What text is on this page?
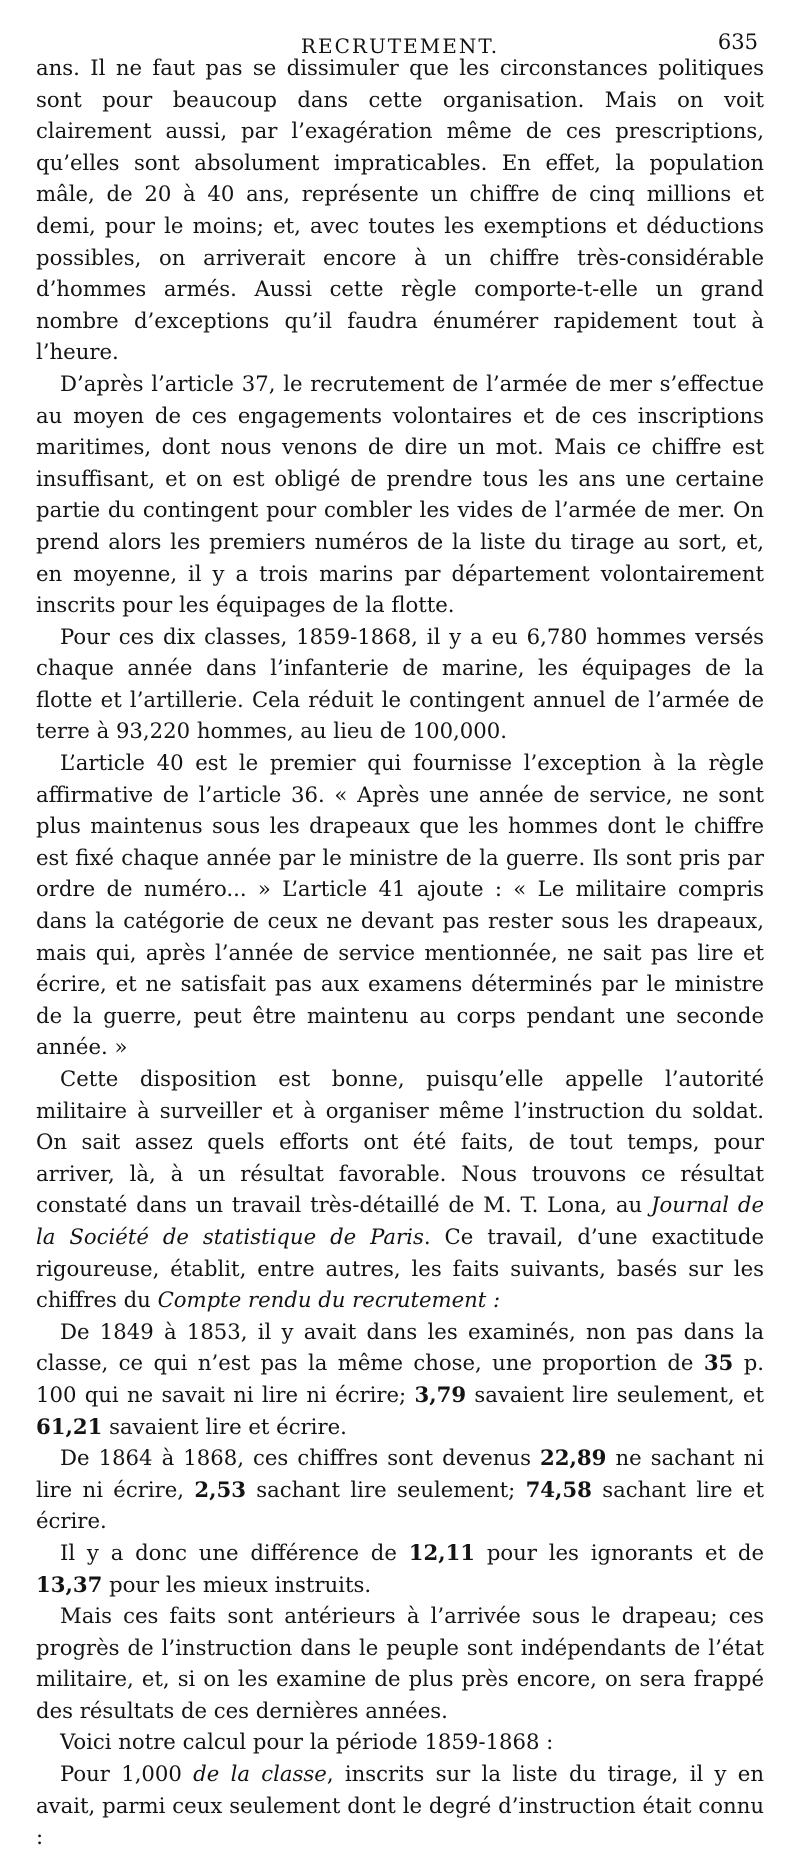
RECRUTEMENT.	635

ans. Il ne faut pas se dissimuler que les circonstances politiques sont pour beaucoup dans cette organisation. Mais on voit clairement aussi, par l’exagération même de ces prescriptions, qu’elles sont absolument impraticables. En effet, la population mâle, de 20 à 40 ans, représente un chiffre de cinq millions et demi, pour le moins; et, avec toutes les exemptions et déductions possibles, on arriverait encore à un chiffre très-considérable d’hommes armés. Aussi cette règle comporte-t-elle un grand nombre d’exceptions qu’il faudra énumérer rapidement tout à l’heure.

D’après l’article 37, le recrutement de l’armée de mer s’effectue au moyen de ces engagements volontaires et de ces inscriptions maritimes, dont nous venons de dire un mot. Mais ce chiffre est insuffisant, et on est obligé de prendre tous les ans une certaine partie du contingent pour combler les vides de l’armée de mer. On prend alors les premiers numéros de la liste du tirage au sort, et, en moyenne, il y a trois marins par département volontairement inscrits pour les équipages de la flotte.

Pour ces dix classes, 1859-1868, il y a eu 6,780 hommes versés chaque année dans l’infanterie de marine, les équipages de la flotte et l’artillerie. Cela réduit le contingent annuel de l’armée de terre à 93,220 hommes, au lieu de 100,000.

L’article 40 est le premier qui fournisse l’exception à la règle affirmative de l’article 36. « Après une année de service, ne sont plus maintenus sous les drapeaux que les hommes dont le chiffre est fixé chaque année par le ministre de la guerre. Ils sont pris par ordre de numéro... » L’article 41 ajoute : « Le militaire compris dans la catégorie de ceux ne devant pas rester sous les drapeaux, mais qui, après l’année de service mentionnée, ne sait pas lire et écrire, et ne satisfait pas aux examens déterminés par le ministre de la guerre, peut être maintenu au corps pendant une seconde année. »

Cette disposition est bonne, puisqu’elle appelle l’autorité militaire à surveiller et à organiser même l’instruction du soldat. On sait assez quels efforts ont été faits, de tout temps, pour arriver, là, à un résultat favorable. Nous trouvons ce résultat constaté dans un travail très-détaillé de M. T. Lona, au Journal de la Société de statistique de Paris. Ce travail, d’une exactitude rigoureuse, établit, entre autres, les faits suivants, basés sur les chiffres du Compte rendu du recrutement :

De 1849 à 1853, il y avait dans les examinés, non pas dans la classe, ce qui n’est pas la même chose, une proportion de 35 p. 100 qui ne savait ni lire ni écrire; 3,79 savaient lire seulement, et 61,21 savaient lire et écrire.

De 1864 à 1868, ces chiffres sont devenus 22,89 ne sachant ni lire ni écrire, 2,53 sachant lire seulement; 74,58 sachant lire et écrire.

Il y a donc une différence de 12,11 pour les ignorants et de 13,37 pour les mieux instruits.

Mais ces faits sont antérieurs à l’arrivée sous le drapeau; ces progrès de l’instruction dans le peuple sont indépendants de l’état militaire, et, si on les examine de plus près encore, on sera frappé des résultats de ces dernières années.

Voici notre calcul pour la période 1859-1868 :

Pour 1,000 de la classe, inscrits sur la liste du tirage, il y en avait, parmi ceux seulement dont le degré d’instruction était connu :
